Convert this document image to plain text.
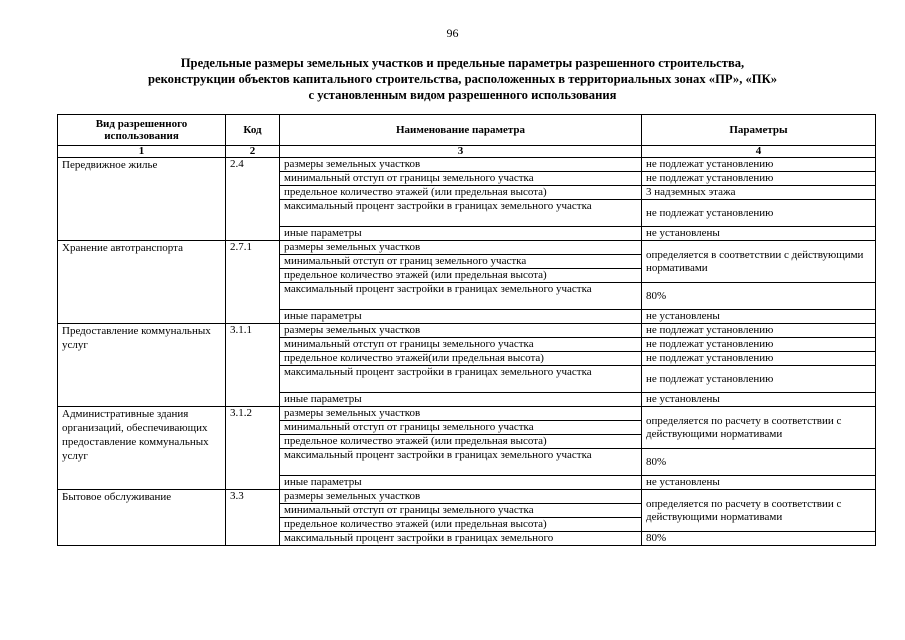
96
Предельные размеры земельных участков и предельные параметры разрешенного строительства,
реконструкции объектов капитального строительства, расположенных в территориальных зонах «ПР», «ПК»
с установленным видом разрешенного использования
Вид разрешенного использования	Код	Наименование параметра	Параметры
1	2	3	4
Передвижное жилье	2.4	размеры земельных участков	не подлежат установлению
		минимальный отступ от границы земельного участка	не подлежат установлению
		предельное количество этажей (или предельная высота)	3 надземных этажа
		максимальный процент застройки в границах земельного участка	не подлежат установлению
		иные параметры	не установлены
Хранение автотранспорта	2.7.1	размеры земельных участков	определяется в соответствии с действующими нормативами
		минимальный отступ от границ земельного участка	
		предельное количество этажей (или предельная высота)	
		максимальный процент застройки в границах земельного участка	80%
		иные параметры	не установлены
Предоставление коммунальных услуг	3.1.1	размеры земельных участков	не подлежат установлению
		минимальный отступ от границы земельного участка	не подлежат установлению
		предельное количество этажей(или предельная высота)	не подлежат установлению
		максимальный процент застройки в границах земельного участка	не подлежат установлению
		иные параметры	не установлены
Административные здания организаций, обеспечивающих предоставление коммунальных услуг	3.1.2	размеры земельных участков	определяется по расчету в соответствии с действующими нормативами
		минимальный отступ от границы земельного участка	
		предельное количество этажей (или предельная высота)	
		максимальный процент застройки в границах земельного участка	80%
		иные параметры	не установлены
Бытовое обслуживание	3.3	размеры земельных участков	определяется по расчету в соответствии с действующими нормативами
		минимальный отступ от границы земельного участка	
		предельное количество этажей (или предельная высота)	
		максимальный процент застройки в границах земельного	80%
